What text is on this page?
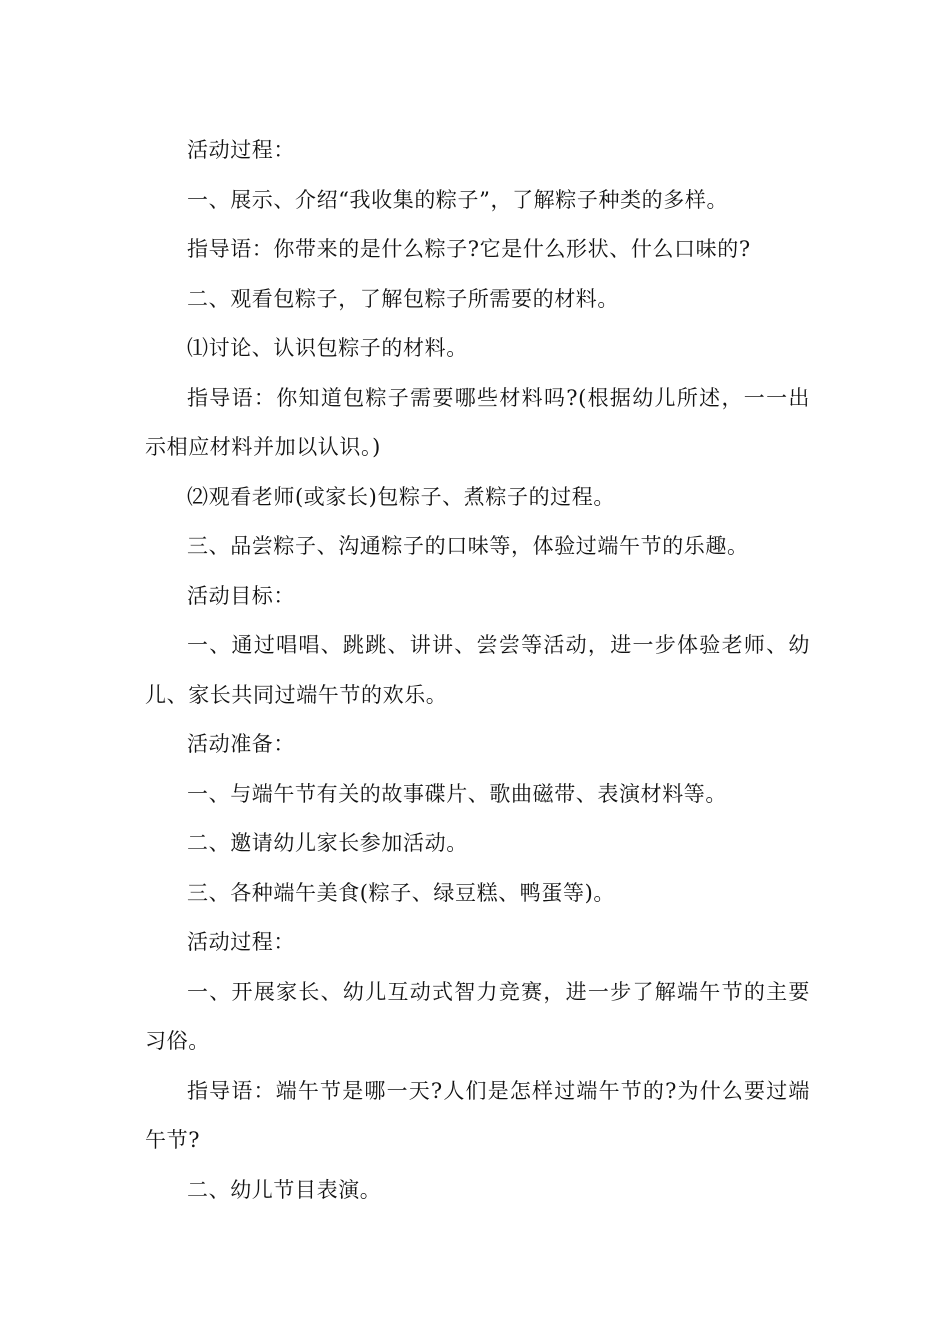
活动过程：

一、展示、介绍“我收集的粽子”，了解粽子种类的多样。

指导语：你带来的是什么粽子?它是什么形状、什么口味的?

二、观看包粽子，了解包粽子所需要的材料。

⑴讨论、认识包粽子的材料。

指导语：你知道包粽子需要哪些材料吗?(根据幼儿所述，一一出示相应材料并加以认识。)

⑵观看老师(或家长)包粽子、煮粽子的过程。

三、品尝粽子、沟通粽子的口味等，体验过端午节的乐趣。

活动目标：

一、通过唱唱、跳跳、讲讲、尝尝等活动，进一步体验老师、幼儿、家长共同过端午节的欢乐。

活动准备：

一、与端午节有关的故事碟片、歌曲磁带、表演材料等。

二、邀请幼儿家长参加活动。

三、各种端午美食(粽子、绿豆糕、鸭蛋等)。

活动过程：

一、开展家长、幼儿互动式智力竞赛，进一步了解端午节的主要习俗。

指导语：端午节是哪一天?人们是怎样过端午节的?为什么要过端午节?

二、幼儿节目表演。
